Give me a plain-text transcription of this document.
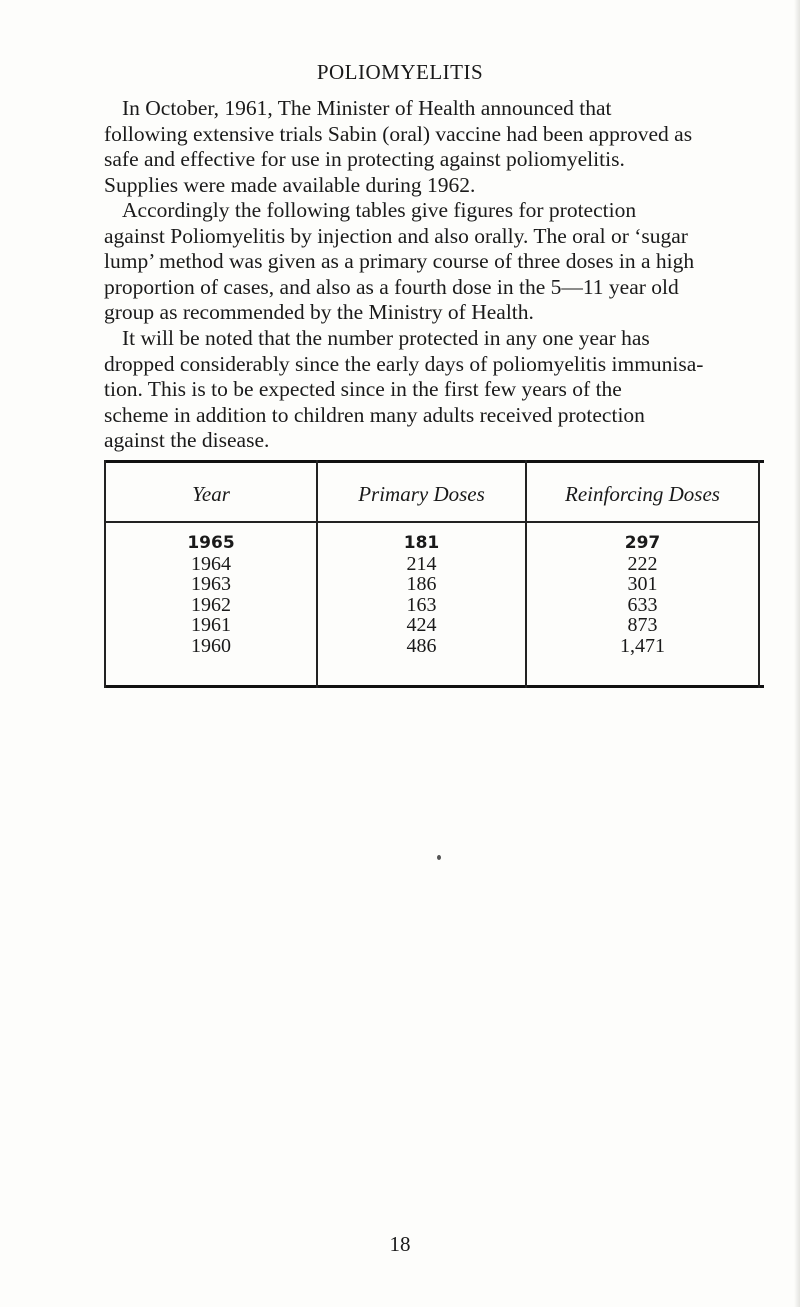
POLIOMYELITIS

In October, 1961, The Minister of Health announced that
following extensive trials Sabin (oral) vaccine had been approved as
safe and effective for use in protecting against poliomyelitis.
Supplies were made available during 1962.

Accordingly the following tables give figures for protection
against Poliomyelitis by injection and also orally. The oral or ‘sugar
lump’ method was given as a primary course of three doses in a high
proportion of cases, and also as a fourth dose in the 5—11 year old
group as recommended by the Ministry of Health.

It will be noted that the number protected in any one year has
dropped considerably since the early days of poliomyelitis immunisa-
tion. This is to be expected since in the first few years of the
scheme in addition to children many adults received protection
against the disease.

Year	Primary Doses	Reinforcing Doses
1965
1964
1963
1962
1961
1960
181
214
186
163
424
486
297
222
301
633
873
1,471
18
